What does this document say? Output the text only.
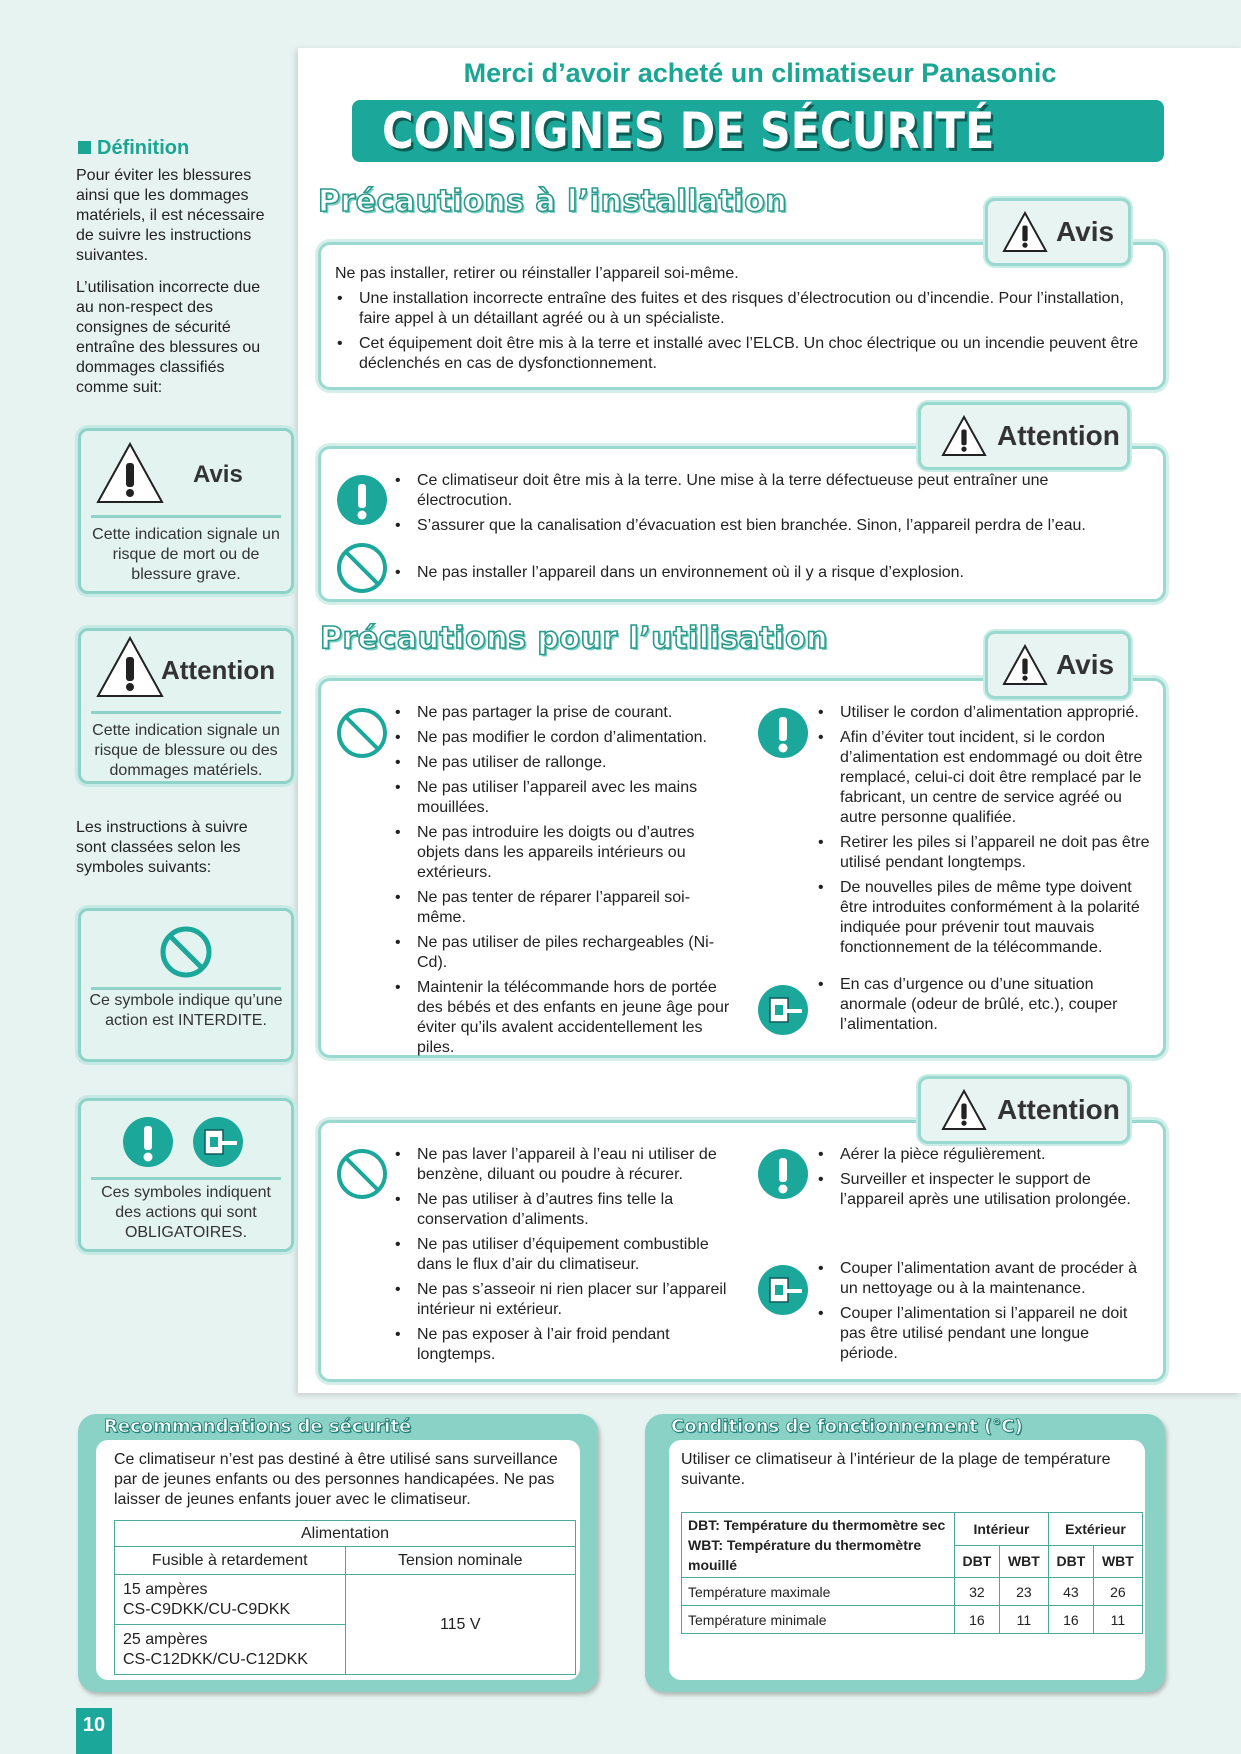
Merci d’avoir acheté un climatiseur Panasonic
CONSIGNES DE SÉCURITÉ
Définition
Pour éviter les blessures ainsi que les dommages matériels, il est nécessaire de suivre les instructions suivantes.
L’utilisation incorrecte due au non-respect des consignes de sécurité entraîne des blessures ou dommages classifiés comme suit:
Avis
Cette indication signale un risque de mort ou de blessure grave.
Attention
Cette indication signale un risque de blessure ou des dommages matériels.
Les instructions à suivre sont classées selon les symboles suivants:
Ce symbole indique qu’une action est INTERDITE.
Ces symboles indiquent des actions qui sont OBLIGATOIRES.
Précautions à l’installation
Ne pas installer, retirer ou réinstaller l’appareil soi-même.
• Une installation incorrecte entraîne des fuites et des risques d’électrocution ou d’incendie. Pour l’installation, faire appel à un détaillant agréé ou à un spécialiste.
• Cet équipement doit être mis à la terre et installé avec l’ELCB. Un choc électrique ou un incendie peuvent être déclenchés en cas de dysfonctionnement.
Avis
• Ce climatiseur doit être mis à la terre. Une mise à la terre défectueuse peut entraîner une électrocution.
• S’assurer que la canalisation d’évacuation est bien branchée. Sinon, l’appareil perdra de l’eau.
• Ne pas installer l’appareil dans un environnement où il y a risque d’explosion.
Attention
Précautions pour l’utilisation
• Ne pas partager la prise de courant.
• Ne pas modifier le cordon d’alimentation.
• Ne pas utiliser de rallonge.
• Ne pas utiliser l’appareil avec les mains mouillées.
• Ne pas introduire les doigts ou d’autres objets dans les appareils intérieurs ou extérieurs.
• Ne pas tenter de réparer l’appareil soi-même.
• Ne pas utiliser de piles rechargeables (Ni-Cd).
• Maintenir la télécommande hors de portée des bébés et des enfants en jeune âge pour éviter qu’ils avalent accidentellement les piles.
• Utiliser le cordon d’alimentation approprié.
• Afin d’éviter tout incident, si le cordon d’alimentation est endommagé ou doit être remplacé, celui-ci doit être remplacé par le fabricant, un centre de service agréé ou autre personne qualifiée.
• Retirer les piles si l’appareil ne doit pas être utilisé pendant longtemps.
• De nouvelles piles de même type doivent être introduites conformément à la polarité indiquée pour prévenir tout mauvais fonctionnement de la télécommande.
• En cas d’urgence ou d’une situation anormale (odeur de brûlé, etc.), couper l’alimentation.
Avis
• Ne pas laver l’appareil à l’eau ni utiliser de benzène, diluant ou poudre à récurer.
• Ne pas utiliser à d’autres fins telle la conservation d’aliments.
• Ne pas utiliser d’équipement combustible dans le flux d’air du climatiseur.
• Ne pas s’asseoir ni rien placer sur l’appareil intérieur ni extérieur.
• Ne pas exposer à l’air froid pendant longtemps.
• Aérer la pièce régulièrement.
• Surveiller et inspecter le support de l’appareil après une utilisation prolongée.
• Couper l’alimentation avant de procéder à un nettoyage ou à la maintenance.
• Couper l’alimentation si l’appareil ne doit pas être utilisé pendant une longue période.
Attention
Recommandations de sécurité
Ce climatiseur n’est pas destiné à être utilisé sans surveillance par de jeunes enfants ou des personnes handicapées. Ne pas laisser de jeunes enfants jouer avec le climatiseur.
Alimentation	
Fusible à retardement	Tension nominale

15 ampères
CS-C9DKK/CU-C9DKK	115 V

25 ampères
CS-C12DKK/CU-C12DKK	
Conditions de fonctionnement (°C)
Utiliser ce climatiseur à l’intérieur de la plage de température suivante.
DBT: Température du thermomètre sec
WBT: Température du thermomètre mouillé	Intérieur		Extérieur	
	DBT	WBT	DBT	WBT
Température maximale	32	23	43	26
Température minimale	16	11	16	11
10
